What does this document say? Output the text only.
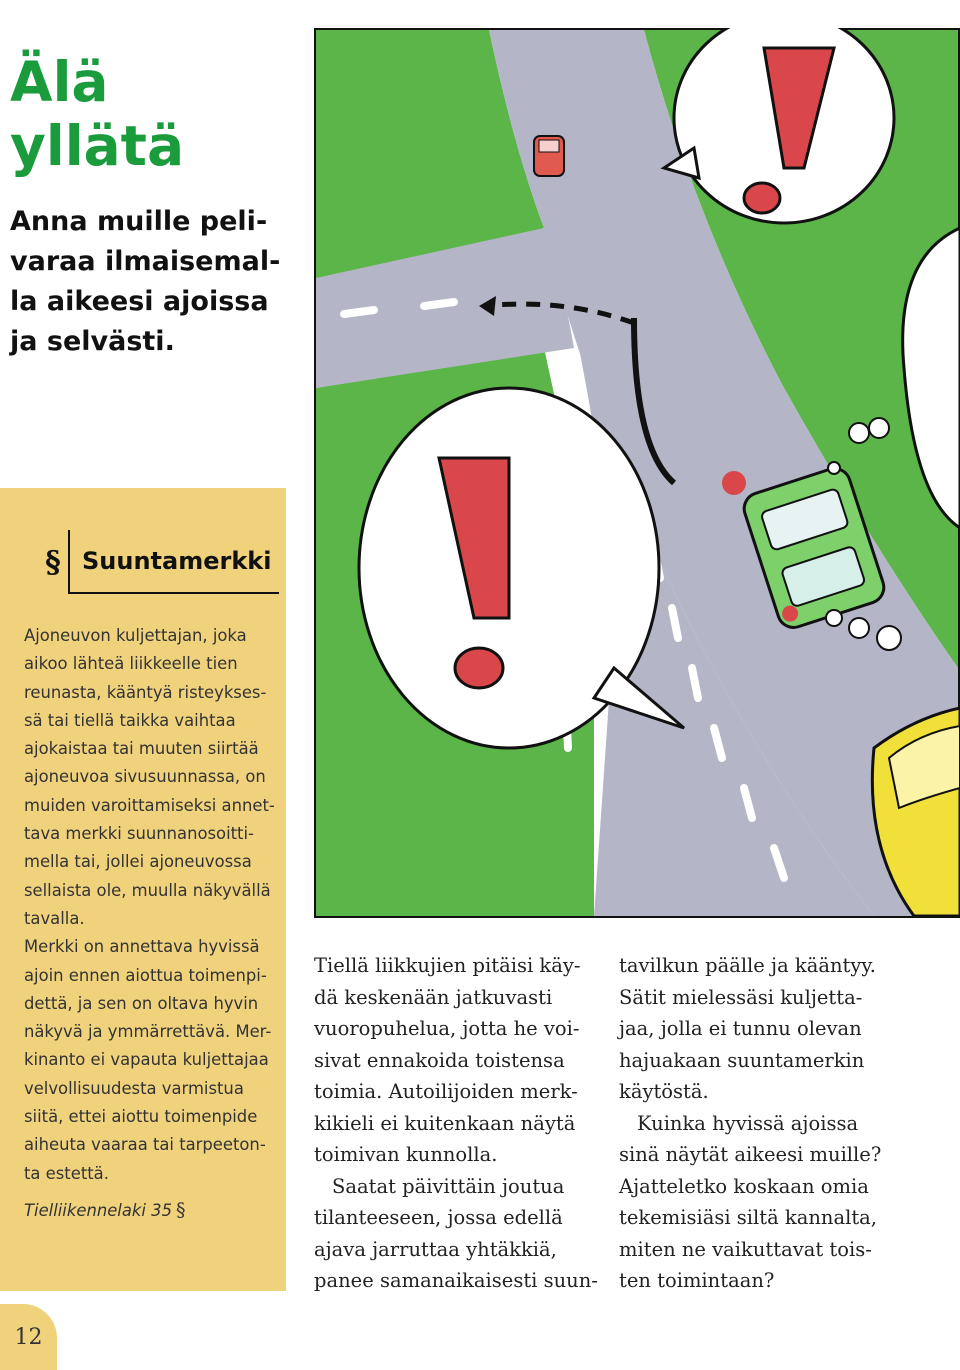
Älä
yllätä
Anna muille peli-
varaa ilmaisemal-
la aikeesi ajoissa
ja selvästi.
§ Suuntamerkki
Ajoneuvon kuljettajan, joka
aikoo lähteä liikkeelle tien
reunasta, kääntyä risteykses-
sä tai tiellä taikka vaihtaa
ajokaistaa tai muuten siirtää
ajoneuvoa sivusuunnassa, on
muiden varoittamiseksi annet-
tava merkki suunnanosoitti-
mella tai, jollei ajoneuvossa
sellaista ole, muulla näkyvällä
tavalla.
Merkki on annettava hyvissä
ajoin ennen aiottua toimenpi-
dettä, ja sen on oltava hyvin
näkyvä ja ymmärrettävä. Mer-
kinanto ei vapauta kuljettajaa
velvollisuudesta varmistua
siitä, ettei aiottu toimenpide
aiheuta vaaraa tai tarpeeton-
ta estettä.
Tielliikennelaki 35 §
Tiellä liikkujien pitäisi käy-
dä keskenään jatkuvasti
vuoropuhelua, jotta he voi-
sivat ennakoida toistensa
toimia. Autoilijoiden merk-
kikieli ei kuitenkaan näytä
toimivan kunnolla.
Saatat päivittäin joutua
tilanteeseen, jossa edellä
ajava jarruttaa yhtäkkiä,
panee samanaikaisesti suun-
tavilkun päälle ja kääntyy.
Sätit mielessäsi kuljetta-
jaa, jolla ei tunnu olevan
hajuakaan suuntamerkin
käytöstä.
Kuinka hyvissä ajoissa
sinä näytät aikeesi muille?
Ajatteletko koskaan omia
tekemisiäsi siltä kannalta,
miten ne vaikuttavat tois-
ten toimintaan?
12
